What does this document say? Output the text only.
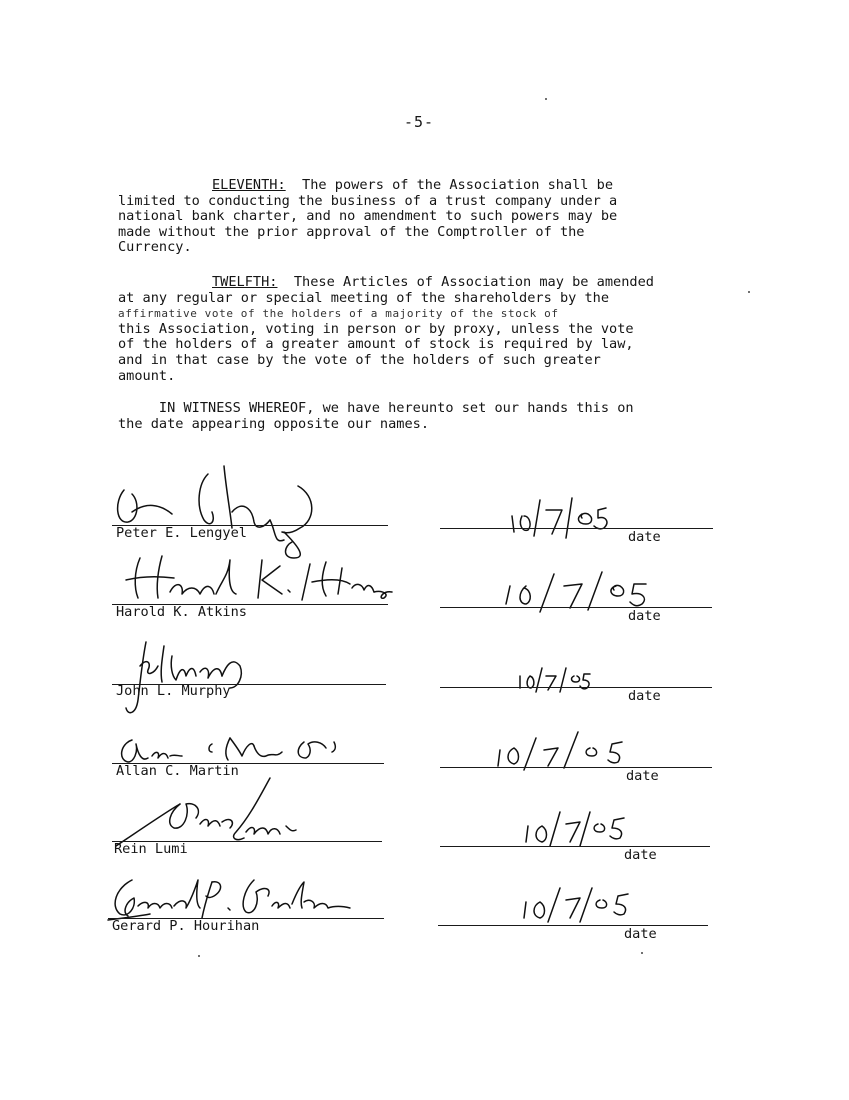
-5-
ELEVENTH:  The powers of the Association shall be
limited to conducting the business of a trust company under a
national bank charter, and no amendment to such powers may be
made without the prior approval of the Comptroller of the
Currency.
TWELFTH:  These Articles of Association may be amended
at any regular or special meeting of the shareholders by the
affirmative vote of the holders of a majority of the stock of
this Association, voting in person or by proxy, unless the vote
of the holders of a greater amount of stock is required by law,
and in that case by the vote of the holders of such greater
amount.
IN WITNESS WHEREOF, we have hereunto set our hands this on
the date appearing opposite our names.
Peter E. Lengyel	date
Harold K. Atkins	date
John L. Murphy	date
Allan C. Martin	date
Rein Lumi	date
Gerard P. Hourihan	date
